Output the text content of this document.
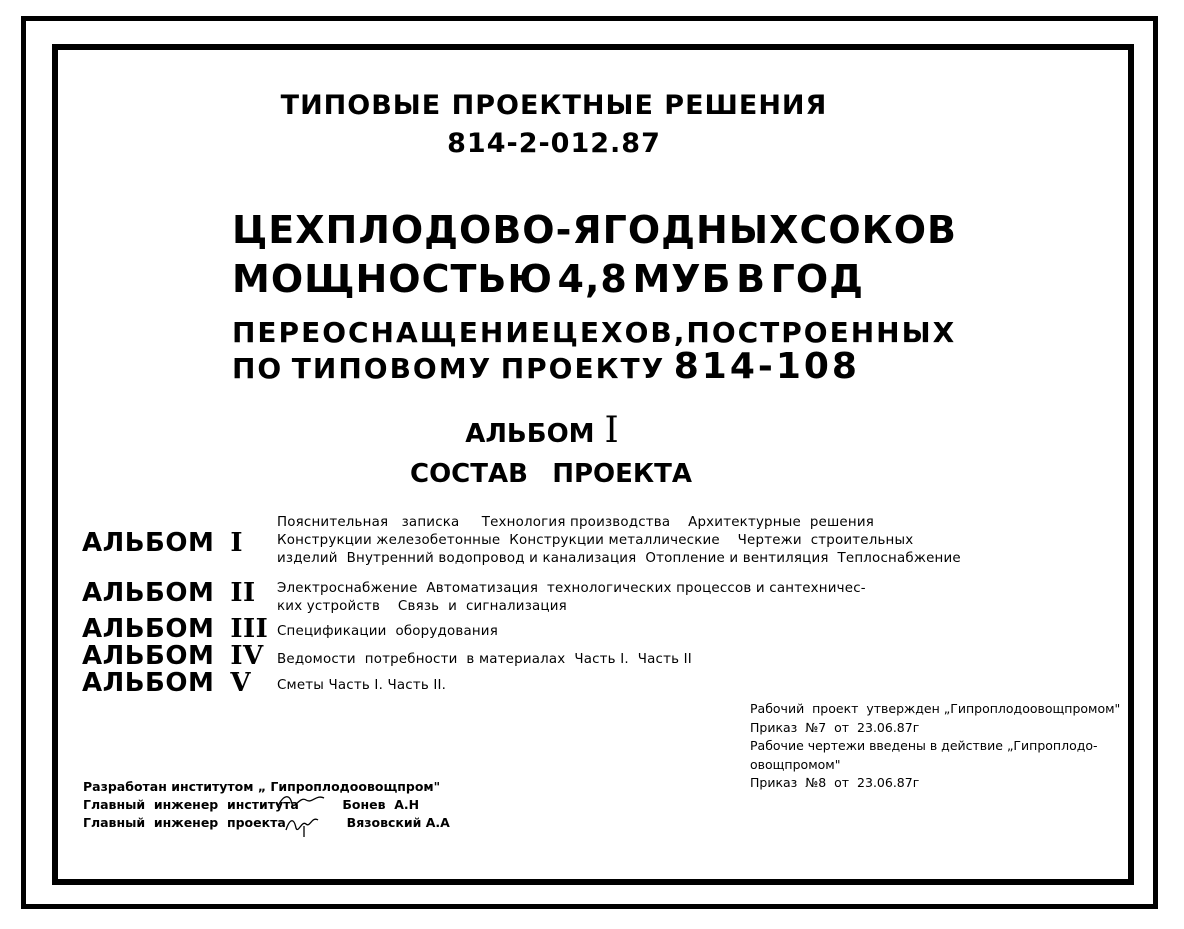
ТИПОВЫЕ ПРОЕКТНЫЕ РЕШЕНИЯ
814-2-012.87
ЦЕХ ПЛОДОВО-ЯГОДНЫХ СОКОВ
МОЩНОСТЬЮ 4,8 МУБ В ГОД
ПЕРЕОСНАЩЕНИЕ ЦЕХОВ, ПОСТРОЕННЫХ
ПО ТИПОВОМУ ПРОЕКТУ 814-108
АЛЬБОМ I
СОСТАВ ПРОЕКТА
АЛЬБОМ I
Пояснительная   записка     Технология производства    Архитектурные  решения
Конструкции железобетонные  Конструкции металлические    Чертежи  строительных
изделий  Внутренний водопровод и канализация  Отопление и вентиляция  Теплоснабжение
АЛЬБОМ II Электроснабжение  Автоматизация  технологических процессов и сантехничес-
ких устройств    Связь  и  сигнализация
АЛЬБОМ III Спецификации  оборудования
АЛЬБОМ IV Ведомости  потребности  в материалах  Часть I.  Часть II
АЛЬБОМ V Сметы Часть I. Часть II.
Рабочий  проект  утвержден „Гипроплодоовощпромом"
Приказ  №7  от  23.06.87г
Рабочие чертежи введены в действие „Гипроплодо-
овощпромом"
Приказ  №8  от  23.06.87г
Разработан институтом „ Гипроплодоовощпром"
Главный  инженер  института          Бонев  А.Н
Главный  инженер  проекта              Вязовский А.А
